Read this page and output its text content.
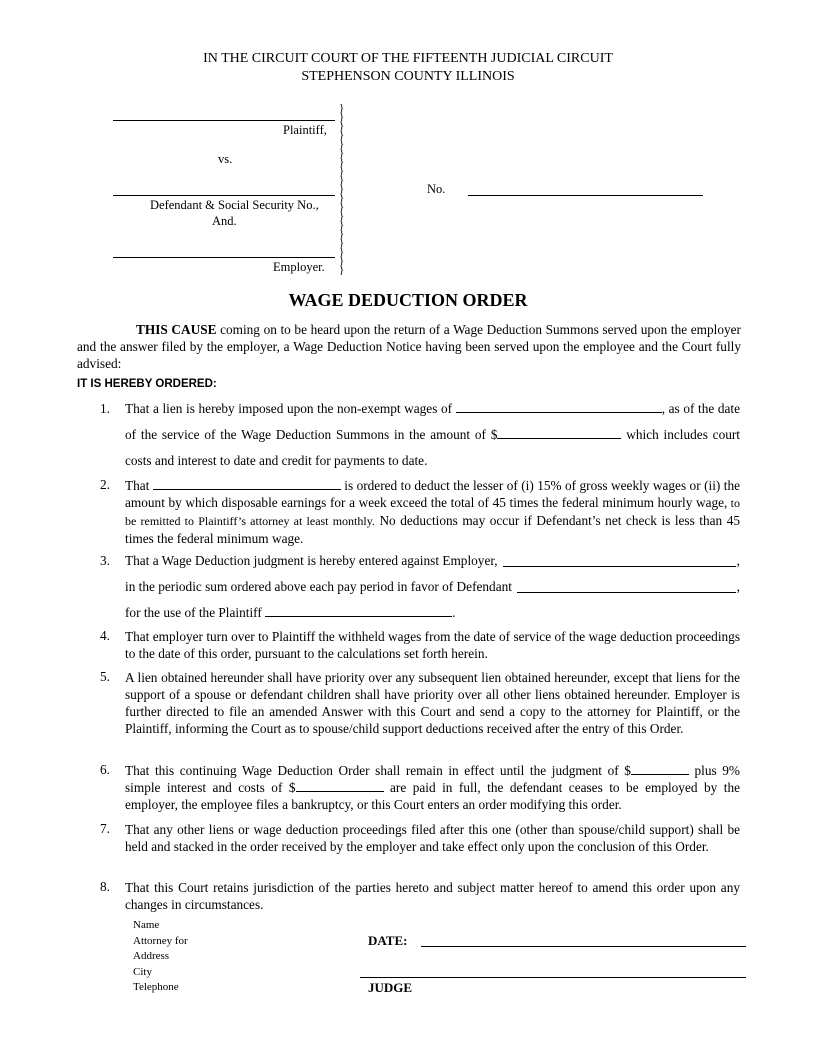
IN THE CIRCUIT COURT OF THE FIFTEENTH JUDICIAL CIRCUIT
STEPHENSON COUNTY ILLINOIS
Plaintiff,
vs.
Defendant & Social Security No.,
And.
Employer.
}
}
}
}
}
}
}
}
}
}
}
}
}
}
}
}
}
}
}
No.
WAGE DEDUCTION ORDER
THIS CAUSE coming on to be heard upon the return of a Wage Deduction Summons served upon the employer and the answer filed by the employer, a Wage Deduction Notice having been served upon the employee and the Court fully advised:
IT IS HEREBY ORDERED:
1. That a lien is hereby imposed upon the non-exempt wages of	, as of the date of the service of the Wage Deduction Summons in the amount of $	which includes court costs and interest to date and credit for payments to date.
2. That	is ordered to deduct the lesser of (i) 15% of gross weekly wages or (ii) the amount by which disposable earnings for a week exceed the total of 45 times the federal minimum hourly wage, to be remitted to Plaintiff’s attorney at least monthly. No deductions may occur if Defendant’s net check is less than 45 times the federal minimum wage.
3. That a Wage Deduction judgment is hereby entered against Employer,	,
in the periodic sum ordered above each pay period in favor of Defendant	,
for the use of the Plaintiff	.
4. That employer turn over to Plaintiff the withheld wages from the date of service of the wage deduction proceedings to the date of this order, pursuant to the calculations set forth herein.
5. A lien obtained hereunder shall have priority over any subsequent lien obtained hereunder, except that liens for the support of a spouse or defendant children shall have priority over all other liens obtained hereunder. Employer is further directed to file an amended Answer with this Court and send a copy to the attorney for Plaintiff, or the Plaintiff, informing the Court as to spouse/child support deductions received after the entry of this Order.
6. That this continuing Wage Deduction Order shall remain in effect until the judgment of $	plus 9% simple interest and costs of $	are paid in full, the defendant ceases to be employed by the employer, the employee files a bankruptcy, or this Court enters an order modifying this order.
7. That any other liens or wage deduction proceedings filed after this one (other than spouse/child support) shall be held and stacked in the order received by the employer and take effect only upon the conclusion of this Order.
8. That this Court retains jurisdiction of the parties hereto and subject matter hereof to amend this order upon any changes in circumstances.
Name
Attorney for
Address
City
Telephone
DATE:
JUDGE
